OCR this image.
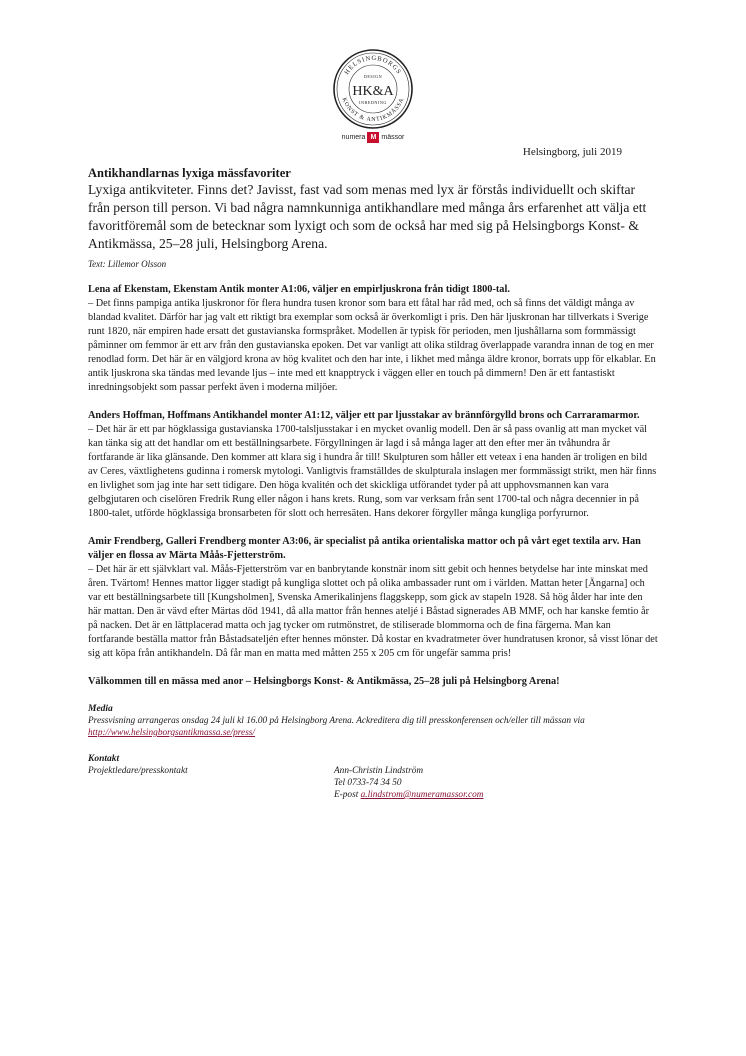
HELSINGBORGS
KONST & ANTIKMÄSSA
DESIGN
HK&A
INREDNING
numera M mässor
Helsingborg, juli 2019
Antikhandlarnas lyxiga mässfavoriter

Lyxiga antikviteter. Finns det? Javisst, fast vad som menas med lyx är förstås individuellt och skiftar från person till person. Vi bad några namnkunniga antikhandlare med många års erfarenhet att välja ett favoritföremål som de betecknar som lyxigt och som de också har med sig på Helsingborgs Konst- & Antikmässa, 25–28 juli, Helsingborg Arena.

Text: Lillemor Olsson

Lena af Ekenstam, Ekenstam Antik monter A1:06, väljer en empirljuskrona från tidigt 1800-tal.

– Det finns pampiga antika ljuskronor för flera hundra tusen kronor som bara ett fåtal har råd med, och så finns det väldigt många av blandad kvalitet. Därför har jag valt ett riktigt bra exemplar som också är överkomligt i pris. Den här ljuskronan har tillverkats i Sverige runt 1820, när empiren hade ersatt det gustavianska formspråket. Modellen är typisk för perioden, men ljushållarna som formmässigt påminner om femmor är ett arv från den gustavianska epoken. Det var vanligt att olika stildrag överlappade varandra innan de tog en mer renodlad form. Det här är en välgjord krona av hög kvalitet och den har inte, i likhet med många äldre kronor, borrats upp för elkablar. En antik ljuskrona ska tändas med levande ljus – inte med ett knapptryck i väggen eller en touch på dimmern! Den är ett fantastiskt inredningsobjekt som passar perfekt även i moderna miljöer.

Anders Hoffman, Hoffmans Antikhandel monter A1:12, väljer ett par ljusstakar av brännförgylld brons och Carraramarmor.

– Det här är ett par högklassiga gustavianska 1700-talsljusstakar i en mycket ovanlig modell. Den är så pass ovanlig att man mycket väl kan tänka sig att det handlar om ett beställningsarbete. Förgyllningen är lagd i så många lager att den efter mer än tvåhundra år fortfarande är lika glänsande. Den kommer att klara sig i hundra år till! Skulpturen som håller ett veteax i ena handen är troligen en bild av Ceres, växtlighetens gudinna i romersk mytologi. Vanligtvis framställdes de skulpturala inslagen mer formmässigt strikt, men här finns en livlighet som jag inte har sett tidigare. Den höga kvalitén och det skickliga utförandet tyder på att upphovsmannen kan vara gelbgjutaren och ciselören Fredrik Rung eller någon i hans krets. Rung, som var verksam från sent 1700-tal och några decennier in på 1800-talet, utförde högklassiga bronsarbeten för slott och herresäten. Hans dekorer förgyller många kungliga porfyrurnor.

Amir Frendberg, Galleri Frendberg monter A3:06, är specialist på antika orientaliska mattor och på vårt eget textila arv. Han väljer en flossa av Märta Måås-Fjetterström.

– Det här är ett självklart val. Måås-Fjetterström var en banbrytande konstnär inom sitt gebit och hennes betydelse har inte minskat med åren. Tvärtom! Hennes mattor ligger stadigt på kungliga slottet och på olika ambassader runt om i världen. Mattan heter [Ängarna] och var ett beställningsarbete till [Kungsholmen], Svenska Amerikalinjens flaggskepp, som gick av stapeln 1928. Så hög ålder har inte den här mattan. Den är vävd efter Märtas död 1941, då alla mattor från hennes ateljé i Båstad signerades AB MMF, och har kanske femtio år på nacken. Det är en lättplacerad matta och jag tycker om rutmönstret, de stiliserade blommorna och de fina färgerna. Man kan fortfarande beställa mattor från Båstadsateljén efter hennes mönster. Då kostar en kvadratmeter över hundratusen kronor, så visst lönar det sig att köpa från antikhandeln. Då får man en matta med måtten 255 x 205 cm för ungefär samma pris!

Välkommen till en mässa med anor – Helsingborgs Konst- & Antikmässa, 25–28 juli på Helsingborg Arena!

Media

Pressvisning arrangeras onsdag 24 juli kl 16.00 på Helsingborg Arena. Ackreditera dig till presskonferensen och/eller till mässan via

http://www.helsingborgsantikmassa.se/press/

Kontakt

Projektledare/presskontakt	Ann-Christin Lindström

Tel 0733-74 34 50

E-post a.lindstrom@numeramassor.com
